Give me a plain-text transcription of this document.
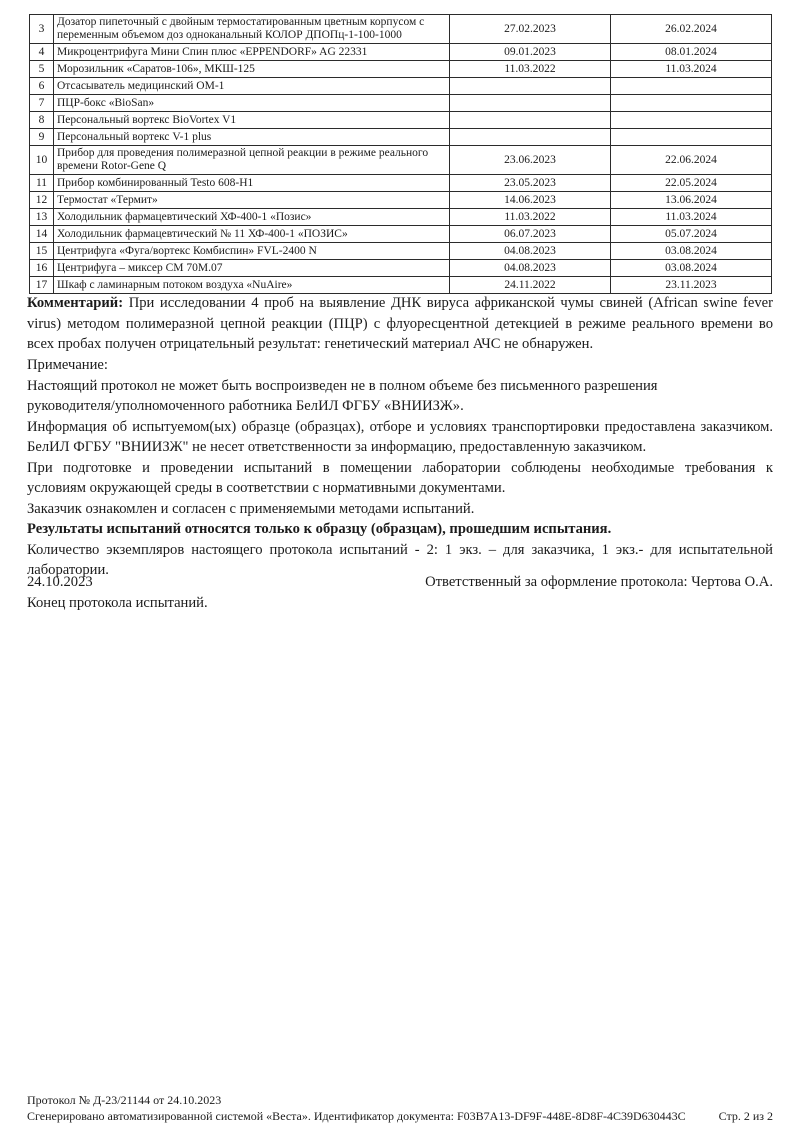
3	Дозатор пипеточный с двойным термостатированным цветным корпусом с переменным объемом доз одноканальный КОЛОР ДПОПц-1-100-1000	27.02.2023	26.02.2024
4	Микроцентрифуга Мини Спин плюс «EPPENDORF» AG 22331	09.01.2023	08.01.2024
5	Морозильник «Саратов-106», МКШ-125	11.03.2022	11.03.2024
6	Отсасыватель медицинский ОМ-1		
7	ПЦР-бокс «BioSan»		
8	Персональный вортекс BioVortex V1		
9	Персональный вортекс V-1 plus		
10	Прибор для проведения полимеразной цепной реакции в режиме реального времени Rotor-Gene Q	23.06.2023	22.06.2024
11	Прибор комбинированный Testo 608-H1	23.05.2023	22.05.2024
12	Термостат «Термит»	14.06.2023	13.06.2024
13	Холодильник фармацевтический ХФ-400-1 «Позис»	11.03.2022	11.03.2024
14	Холодильник фармацевтический № 11 ХФ-400-1 «ПОЗИС»	06.07.2023	05.07.2024
15	Центрифуга «Фуга/вортекс Комбиспин» FVL-2400 N	04.08.2023	03.08.2024
16	Центрифуга – миксер СМ 70М.07	04.08.2023	03.08.2024
17	Шкаф с ламинарным потоком воздуха «NuAire»	24.11.2022	23.11.2023
Комментарий: При исследовании 4 проб на выявление ДНК вируса африканской чумы свиней (African swine fever
virus) методом полимеразной цепной реакции (ПЦР) с флуоресцентной детекцией в режиме реального времени во
всех пробах получен отрицательный результат: генетический материал АЧС не обнаружен.
Примечание:
Настоящий протокол не может быть воспроизведен не в полном объеме без письменного разрешения
руководителя/уполномоченного работника БелИЛ ФГБУ «ВНИИЗЖ».
Информация об испытуемом(ых) образце (образцах), отборе и условиях транспортировки предоставлена заказчиком.
БелИЛ ФГБУ "ВНИИЗЖ" не несет ответственности за информацию, предоставленную заказчиком.
При подготовке и проведении испытаний в помещении лаборатории соблюдены необходимые требования к
условиям окружающей среды в соответствии с нормативными документами.
Заказчик ознакомлен и согласен с применяемыми методами испытаний.
Результаты испытаний относятся только к образцу (образцам), прошедшим испытания.
Количество экземпляров настоящего протокола испытаний - 2: 1 экз. – для заказчика, 1 экз.- для испытательной
лаборатории.
24.10.2023	Ответственный за оформление протокола: Чертова О.А.
Конец протокола испытаний.
Протокол № Д-23/21144 от 24.10.2023
Сгенерировано автоматизированной системой «Веста». Идентификатор документа: F03B7A13-DF9F-448E-8D8F-4C39D630443C	Стр. 2 из 2
